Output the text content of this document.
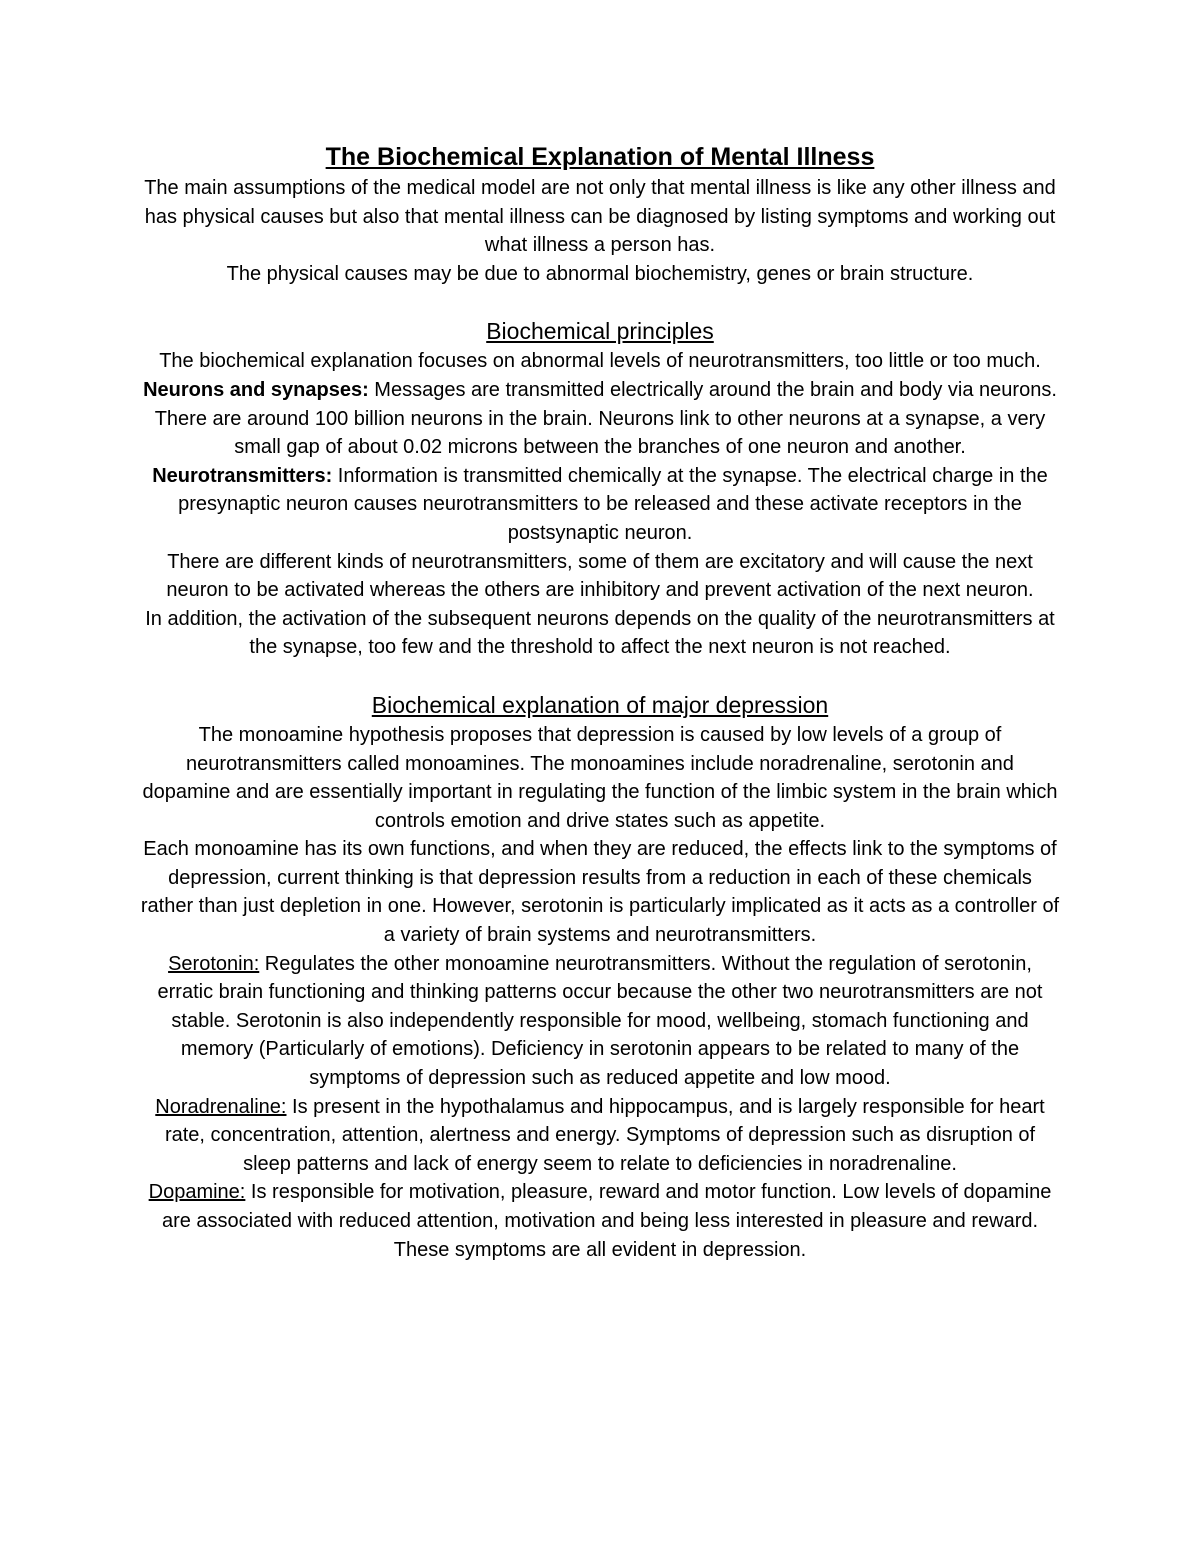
The Biochemical Explanation of Mental Illness

The main assumptions of the medical model are not only that mental illness is like any other illness and has physical causes but also that mental illness can be diagnosed by listing symptoms and working out what illness a person has.

The physical causes may be due to abnormal biochemistry, genes or brain structure.

Biochemical principles

The biochemical explanation focuses on abnormal levels of neurotransmitters, too little or too much.

Neurons and synapses: Messages are transmitted electrically around the brain and body via neurons. There are around 100 billion neurons in the brain. Neurons link to other neurons at a synapse, a very small gap of about 0.02 microns between the branches of one neuron and another.

Neurotransmitters: Information is transmitted chemically at the synapse. The electrical charge in the presynaptic neuron causes neurotransmitters to be released and these activate receptors in the postsynaptic neuron.

There are different kinds of neurotransmitters, some of them are excitatory and will cause the next neuron to be activated whereas the others are inhibitory and prevent activation of the next neuron.

In addition, the activation of the subsequent neurons depends on the quality of the neurotransmitters at the synapse, too few and the threshold to affect the next neuron is not reached.

Biochemical explanation of major depression

The monoamine hypothesis proposes that depression is caused by low levels of a group of neurotransmitters called monoamines. The monoamines include noradrenaline, serotonin and dopamine and are essentially important in regulating the function of the limbic system in the brain which controls emotion and drive states such as appetite.

Each monoamine has its own functions, and when they are reduced, the effects link to the symptoms of depression, current thinking is that depression results from a reduction in each of these chemicals rather than just depletion in one. However, serotonin is particularly implicated as it acts as a controller of a variety of brain systems and neurotransmitters.

Serotonin: Regulates the other monoamine neurotransmitters. Without the regulation of serotonin, erratic brain functioning and thinking patterns occur because the other two neurotransmitters are not stable. Serotonin is also independently responsible for mood, wellbeing, stomach functioning and memory (Particularly of emotions). Deficiency in serotonin appears to be related to many of the symptoms of depression such as reduced appetite and low mood.

Noradrenaline: Is present in the hypothalamus and hippocampus, and is largely responsible for heart rate, concentration, attention, alertness and energy. Symptoms of depression such as disruption of sleep patterns and lack of energy seem to relate to deficiencies in noradrenaline.

Dopamine: Is responsible for motivation, pleasure, reward and motor function. Low levels of dopamine are associated with reduced attention, motivation and being less interested in pleasure and reward. These symptoms are all evident in depression.
